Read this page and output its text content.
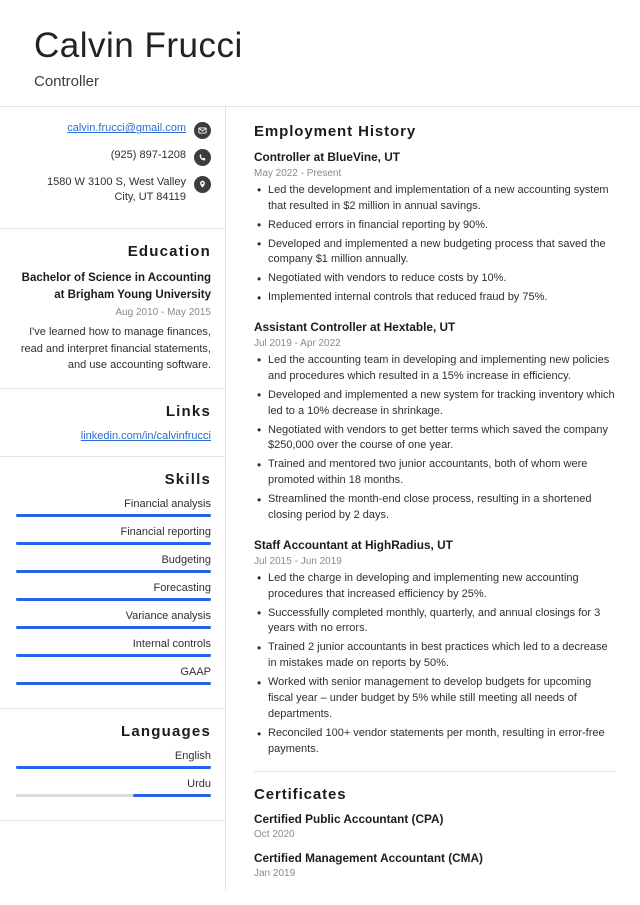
Calvin Frucci
Controller
calvin.frucci@gmail.com
(925) 897-1208
1580 W 3100 S, West Valley City, UT 84119
Education
Bachelor of Science in Accounting at Brigham Young University
Aug 2010 - May 2015
I've learned how to manage finances, read and interpret financial statements, and use accounting software.
Links
linkedin.com/in/calvinfrucci
Skills
Financial analysis
Financial reporting
Budgeting
Forecasting
Variance analysis
Internal controls
GAAP
Languages
English
Urdu
Employment History
Controller at BlueVine, UT
May 2022 - Present
• Led the development and implementation of a new accounting system that resulted in $2 million in annual savings.
• Reduced errors in financial reporting by 90%.
• Developed and implemented a new budgeting process that saved the company $1 million annually.
• Negotiated with vendors to reduce costs by 10%.
• Implemented internal controls that reduced fraud by 75%.
Assistant Controller at Hextable, UT
Jul 2019 - Apr 2022
• Led the accounting team in developing and implementing new policies and procedures which resulted in a 15% increase in efficiency.
• Developed and implemented a new system for tracking inventory which led to a 10% decrease in shrinkage.
• Negotiated with vendors to get better terms which saved the company $250,000 over the course of one year.
• Trained and mentored two junior accountants, both of whom were promoted within 18 months.
• Streamlined the month-end close process, resulting in a shortened closing period by 2 days.
Staff Accountant at HighRadius, UT
Jul 2015 - Jun 2019
• Led the charge in developing and implementing new accounting procedures that increased efficiency by 25%.
• Successfully completed monthly, quarterly, and annual closings for 3 years with no errors.
• Trained 2 junior accountants in best practices which led to a decrease in mistakes made on reports by 50%.
• Worked with senior management to develop budgets for upcoming fiscal year – under budget by 5% while still meeting all needs of departments.
• Reconciled 100+ vendor statements per month, resulting in error-free payments.
Certificates
Certified Public Accountant (CPA)
Oct 2020
Certified Management Accountant (CMA)
Jan 2019
